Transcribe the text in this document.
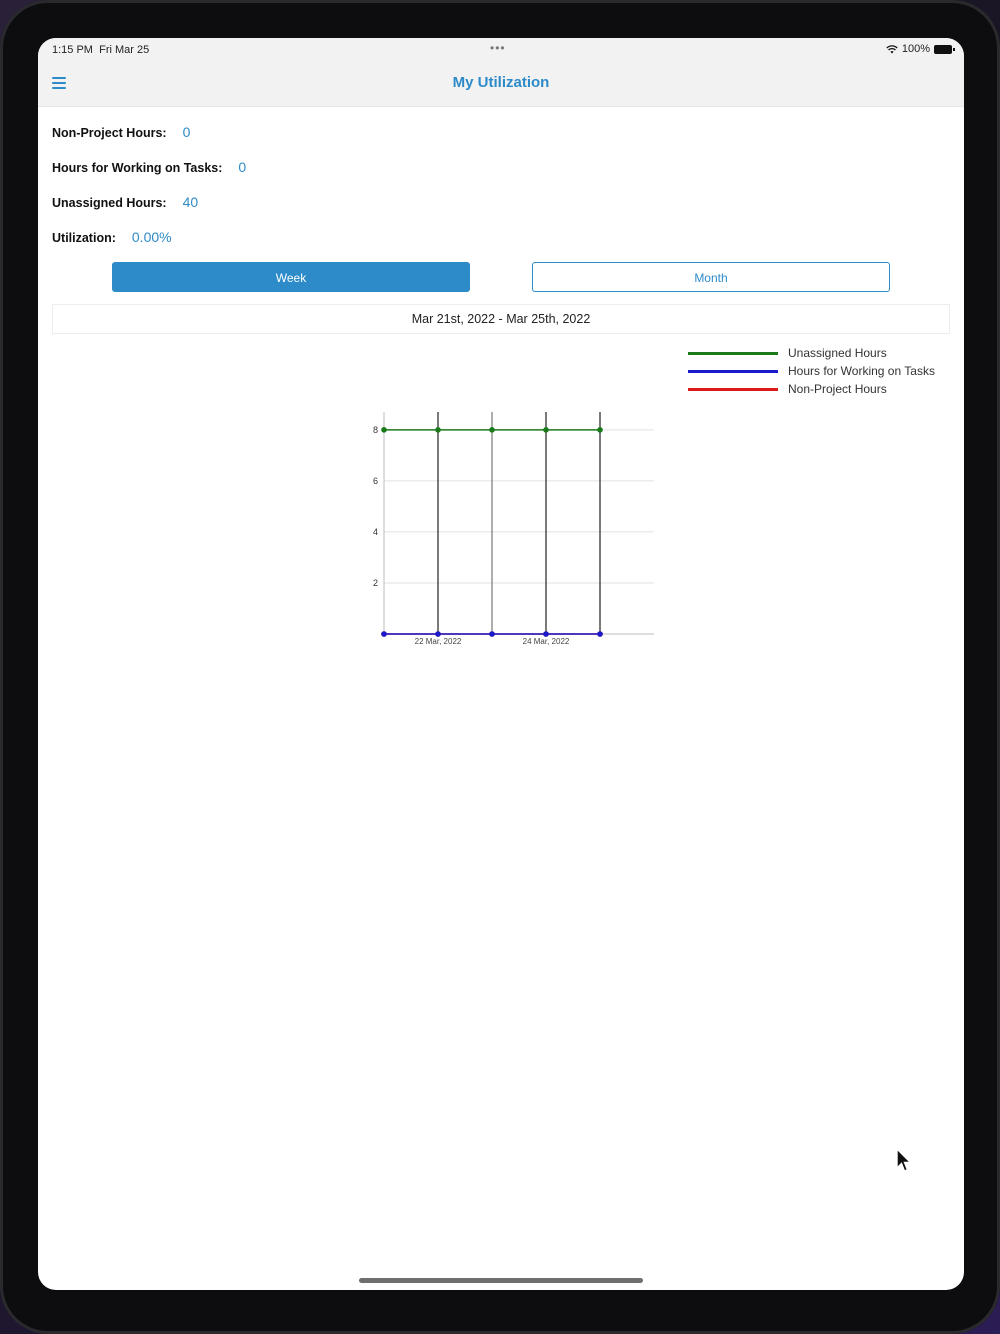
1:15 PM Fri Mar 25	•••	100%
My Utilization
Non-Project Hours: 0
Hours for Working on Tasks: 0
Unassigned Hours: 40
Utilization: 0.00%
Week	Month
Mar 21st, 2022 - Mar 25th, 2022
Unassigned Hours
Hours for Working on Tasks
Non-Project Hours
2
4
6
8
22 Mar, 2022	24 Mar, 2022
